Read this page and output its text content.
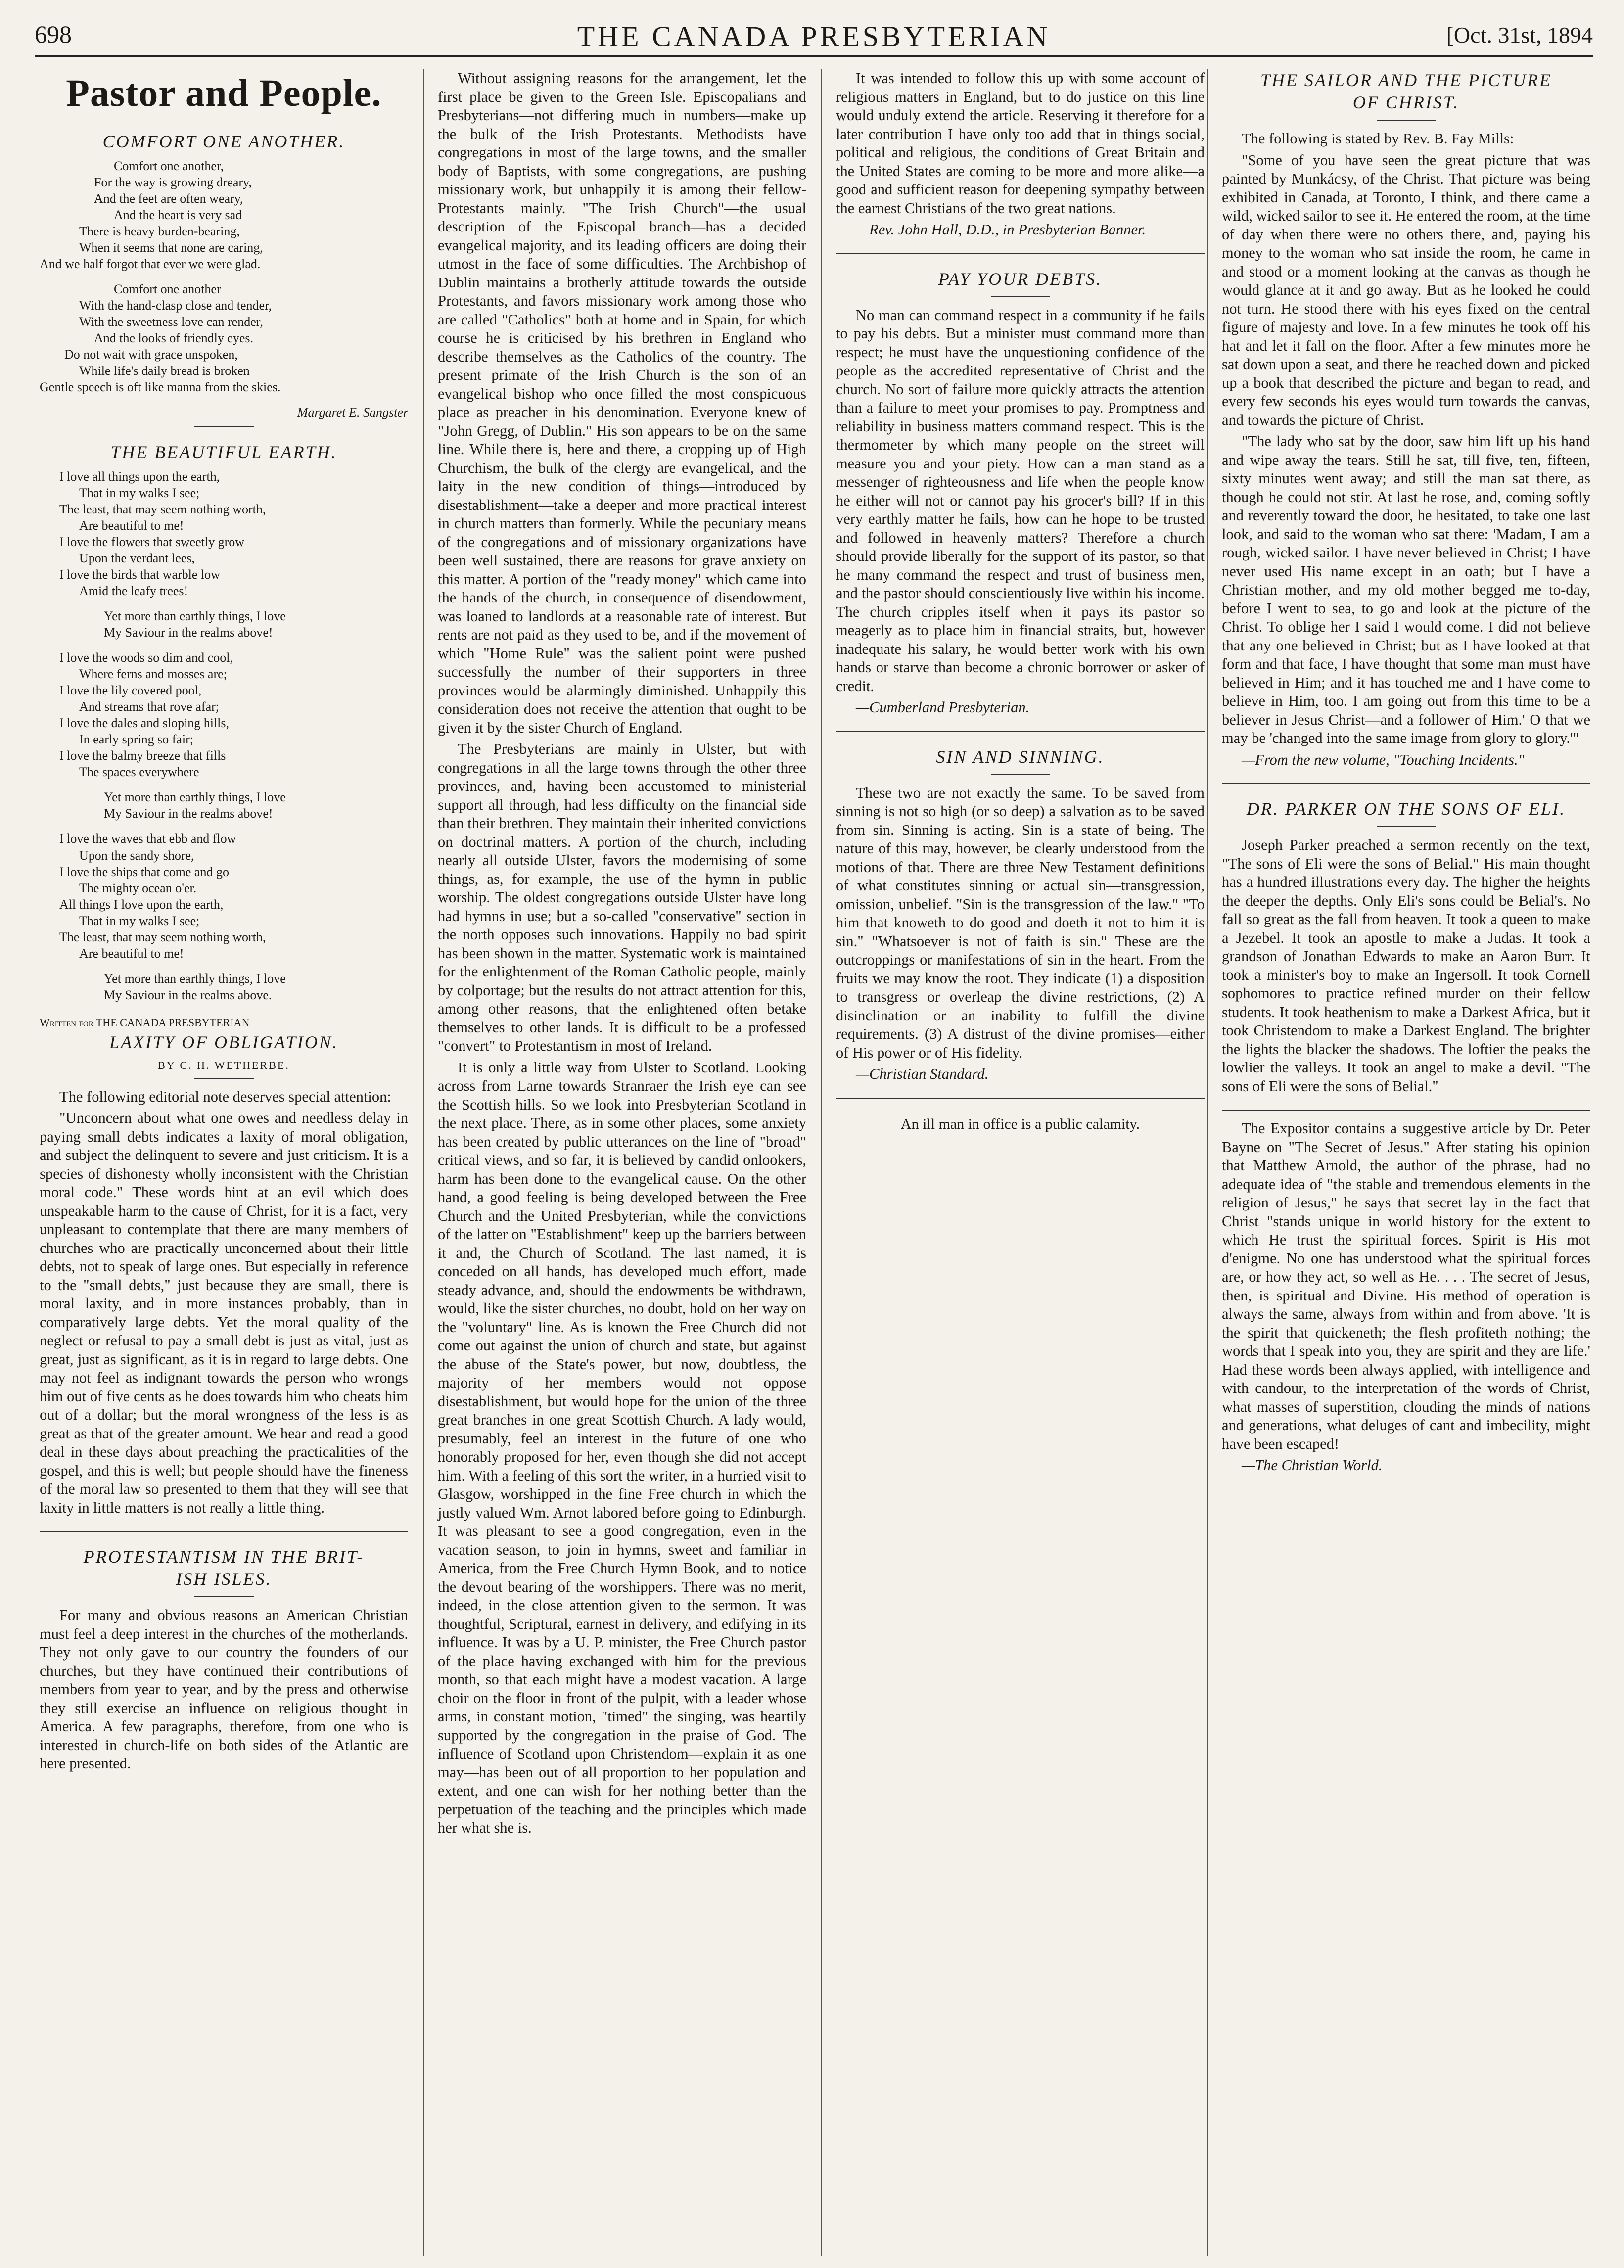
698	THE CANADA PRESBYTERIAN	[Oct. 31st, 1894
Pastor and People.
COMFORT ONE ANOTHER.
Comfort one another,
For the way is growing dreary,
And the feet are often weary,
And the heart is very sad
There is heavy burden-bearing,
When it seems that none are caring,
And we half forgot that ever we were glad.
Comfort one another
With the hand-clasp close and tender,
With the sweetness love can render,
And the looks of friendly eyes.
Do not wait with grace unspoken,
While life's daily bread is broken
Gentle speech is oft like manna from the skies.
Margaret E. Sangster
THE BEAUTIFUL EARTH.
I love all things upon the earth,
That in my walks I see;
The least, that may seem nothing worth,
Are beautiful to me!
I love the flowers that sweetly grow
Upon the verdant lees,
I love the birds that warble low
Amid the leafy trees!
Yet more than earthly things, I love
My Saviour in the realms above!
I love the woods so dim and cool,
Where ferns and mosses are;
I love the lily covered pool,
And streams that rove afar;
I love the dales and sloping hills,
In early spring so fair;
I love the balmy breeze that fills
The spaces everywhere
Yet more than earthly things, I love
My Saviour in the realms above!
I love the waves that ebb and flow
Upon the sandy shore,
I love the ships that come and go
The mighty ocean o'er.
All things I love upon the earth,
That in my walks I see;
The least, that may seem nothing worth,
Are beautiful to me!
Yet more than earthly things, I love
My Saviour in the realms above.
Written for THE CANADA PRESBYTERIAN
LAXITY OF OBLIGATION.
BY C. H. WETHERBE.

The following editorial note deserves special attention:

"Unconcern about what one owes and needless delay in paying small debts indicates a laxity of moral obligation, and subject the delinquent to severe and just criticism. It is a species of dishonesty wholly inconsistent with the Christian moral code." These words hint at an evil which does unspeakable harm to the cause of Christ, for it is a fact, very unpleasant to contemplate that there are many members of churches who are practically unconcerned about their little debts, not to speak of large ones. But especially in reference to the "small debts," just because they are small, there is moral laxity, and in more instances probably, than in comparatively large debts. Yet the moral quality of the neglect or refusal to pay a small debt is just as vital, just as great, just as significant, as it is in regard to large debts. One may not feel as indignant towards the person who wrongs him out of five cents as he does towards him who cheats him out of a dollar; but the moral wrongness of the less is as great as that of the greater amount. We hear and read a good deal in these days about preaching the practicalities of the gospel, and this is well; but people should have the fineness of the moral law so presented to them that they will see that laxity in little matters is not really a little thing.

PROTESTANTISM IN THE BRIT-
ISH ISLES.

For many and obvious reasons an American Christian must feel a deep interest in the churches of the motherlands. They not only gave to our country the founders of our churches, but they have continued their contributions of members from year to year, and by the press and otherwise they still exercise an influence on religious thought in America. A few paragraphs, therefore, from one who is interested in church-life on both sides of the Atlantic are here presented.

Without assigning reasons for the arrangement, let the first place be given to the Green Isle. Episcopalians and Presbyterians—not differing much in numbers—make up the bulk of the Irish Protestants. Methodists have congregations in most of the large towns, and the smaller body of Baptists, with some congregations, are pushing missionary work, but unhappily it is among their fellow-Protestants mainly. "The Irish Church"—the usual description of the Episcopal branch—has a decided evangelical majority, and its leading officers are doing their utmost in the face of some difficulties. The Archbishop of Dublin maintains a brotherly attitude towards the outside Protestants, and favors missionary work among those who are called "Catholics" both at home and in Spain, for which course he is criticised by his brethren in England who describe themselves as the Catholics of the country. The present primate of the Irish Church is the son of an evangelical bishop who once filled the most conspicuous place as preacher in his denomination. Everyone knew of "John Gregg, of Dublin." His son appears to be on the same line. While there is, here and there, a cropping up of High Churchism, the bulk of the clergy are evangelical, and the laity in the new condition of things—introduced by disestablishment—take a deeper and more practical interest in church matters than formerly. While the pecuniary means of the congregations and of missionary organizations have been well sustained, there are reasons for grave anxiety on this matter. A portion of the "ready money" which came into the hands of the church, in consequence of disendowment, was loaned to landlords at a reasonable rate of interest. But rents are not paid as they used to be, and if the movement of which "Home Rule" was the salient point were pushed successfully the number of their supporters in three provinces would be alarmingly diminished. Unhappily this consideration does not receive the attention that ought to be given it by the sister Church of England.

The Presbyterians are mainly in Ulster, but with congregations in all the large towns through the other three provinces, and, having been accustomed to ministerial support all through, had less difficulty on the financial side than their brethren. They maintain their inherited convictions on doctrinal matters. A portion of the church, including nearly all outside Ulster, favors the modernising of some things, as, for example, the use of the hymn in public worship. The oldest congregations outside Ulster have long had hymns in use; but a so-called "conservative" section in the north opposes such innovations. Happily no bad spirit has been shown in the matter. Systematic work is maintained for the enlightenment of the Roman Catholic people, mainly by colportage; but the results do not attract attention for this, among other reasons, that the enlightened often betake themselves to other lands. It is difficult to be a professed "convert" to Protestantism in most of Ireland.

It is only a little way from Ulster to Scotland. Looking across from Larne towards Stranraer the Irish eye can see the Scottish hills. So we look into Presbyterian Scotland in the next place. There, as in some other places, some anxiety has been created by public utterances on the line of "broad" critical views, and so far, it is believed by candid onlookers, harm has been done to the evangelical cause. On the other hand, a good feeling is being developed between the Free Church and the United Presbyterian, while the convictions of the latter on "Establishment" keep up the barriers between it and, the Church of Scotland. The last named, it is conceded on all hands, has developed much effort, made steady advance, and, should the endowments be withdrawn, would, like the sister churches, no doubt, hold on her way on the "voluntary" line. As is known the Free Church did not come out against the union of church and state, but against the abuse of the State's power, but now, doubtless, the majority of her members would not oppose disestablishment, but would hope for the union of the three great branches in one great Scottish Church. A lady would, presumably, feel an interest in the future of one who honorably proposed for her, even though she did not accept him. With a feeling of this sort the writer, in a hurried visit to Glasgow, worshipped in the fine Free church in which the justly valued Wm. Arnot labored before going to Edinburgh. It was pleasant to see a good congregation, even in the vacation season, to join in hymns, sweet and familiar in America, from the Free Church Hymn Book, and to notice the devout bearing of the worshippers. There was no merit, indeed, in the close attention given to the sermon. It was thoughtful, Scriptural, earnest in delivery, and edifying in its influence. It was by a U. P. minister, the Free Church pastor of the place having exchanged with him for the previous month, so that each might have a modest vacation. A large choir on the floor in front of the pulpit, with a leader whose arms, in constant motion, "timed" the singing, was heartily supported by the congregation in the praise of God. The influence of Scotland upon Christendom—explain it as one may—has been out of all proportion to her population and extent, and one can wish for her nothing better than the perpetuation of the teaching and the principles which made her what she is.

It was intended to follow this up with some account of religious matters in England, but to do justice on this line would unduly extend the article. Reserving it therefore for a later contribution I have only too add that in things social, political and religious, the conditions of Great Britain and the United States are coming to be more and more alike—a good and sufficient reason for deepening sympathy between the earnest Christians of the two great nations.

—Rev. John Hall, D.D., in Presbyterian Banner.

PAY YOUR DEBTS.

No man can command respect in a community if he fails to pay his debts. But a minister must command more than respect; he must have the unquestioning confidence of the people as the accredited representative of Christ and the church. No sort of failure more quickly attracts the attention than a failure to meet your promises to pay. Promptness and reliability in business matters command respect. This is the thermometer by which many people on the street will measure you and your piety. How can a man stand as a messenger of righteousness and life when the people know he either will not or cannot pay his grocer's bill? If in this very earthly matter he fails, how can he hope to be trusted and followed in heavenly matters? Therefore a church should provide liberally for the support of its pastor, so that he many command the respect and trust of business men, and the pastor should conscientiously live within his income. The church cripples itself when it pays its pastor so meagerly as to place him in financial straits, but, however inadequate his salary, he would better work with his own hands or starve than become a chronic borrower or asker of credit.

—Cumberland Presbyterian.

SIN AND SINNING.

These two are not exactly the same. To be saved from sinning is not so high (or so deep) a salvation as to be saved from sin. Sinning is acting. Sin is a state of being. The nature of this may, however, be clearly understood from the motions of that. There are three New Testament definitions of what constitutes sinning or actual sin—transgression, omission, unbelief. "Sin is the transgression of the law." "To him that knoweth to do good and doeth it not to him it is sin." "Whatsoever is not of faith is sin." These are the outcroppings or manifestations of sin in the heart. From the fruits we may know the root. They indicate (1) a disposition to transgress or overleap the divine restrictions, (2) A disinclination or an inability to fulfill the divine requirements. (3) A distrust of the divine promises—either of His power or of His fidelity.

—Christian Standard.

An ill man in office is a public calamity.
THE SAILOR AND THE PICTURE
OF CHRIST.

The following is stated by Rev. B. Fay Mills:

"Some of you have seen the great picture that was painted by Munkácsy, of the Christ. That picture was being exhibited in Canada, at Toronto, I think, and there came a wild, wicked sailor to see it. He entered the room, at the time of day when there were no others there, and, paying his money to the woman who sat inside the room, he came in and stood or a moment looking at the canvas as though he would glance at it and go away. But as he looked he could not turn. He stood there with his eyes fixed on the central figure of majesty and love. In a few minutes he took off his hat and let it fall on the floor. After a few minutes more he sat down upon a seat, and there he reached down and picked up a book that described the picture and began to read, and every few seconds his eyes would turn towards the canvas, and towards the picture of Christ.

"The lady who sat by the door, saw him lift up his hand and wipe away the tears. Still he sat, till five, ten, fifteen, sixty minutes went away; and still the man sat there, as though he could not stir. At last he rose, and, coming softly and reverently toward the door, he hesitated, to take one last look, and said to the woman who sat there: 'Madam, I am a rough, wicked sailor. I have never believed in Christ; I have never used His name except in an oath; but I have a Christian mother, and my old mother begged me to-day, before I went to sea, to go and look at the picture of the Christ. To oblige her I said I would come. I did not believe that any one believed in Christ; but as I have looked at that form and that face, I have thought that some man must have believed in Him; and it has touched me and I have come to believe in Him, too. I am going out from this time to be a believer in Jesus Christ—and a follower of Him.' O that we may be 'changed into the same image from glory to glory.'"

—From the new volume, "Touching Incidents."

DR. PARKER ON THE SONS OF ELI.

Joseph Parker preached a sermon recently on the text, "The sons of Eli were the sons of Belial." His main thought has a hundred illustrations every day. The higher the heights the deeper the depths. Only Eli's sons could be Belial's. No fall so great as the fall from heaven. It took a queen to make a Jezebel. It took an apostle to make a Judas. It took a grandson of Jonathan Edwards to make an Aaron Burr. It took a minister's boy to make an Ingersoll. It took Cornell sophomores to practice refined murder on their fellow students. It took heathenism to make a Darkest Africa, but it took Christendom to make a Darkest England. The brighter the lights the blacker the shadows. The loftier the peaks the lowlier the valleys. It took an angel to make a devil. "The sons of Eli were the sons of Belial."

The Expositor contains a suggestive article by Dr. Peter Bayne on "The Secret of Jesus." After stating his opinion that Matthew Arnold, the author of the phrase, had no adequate idea of "the stable and tremendous elements in the religion of Jesus," he says that secret lay in the fact that Christ "stands unique in world history for the extent to which He trust the spiritual forces. Spirit is His mot d'enigme. No one has understood what the spiritual forces are, or how they act, so well as He. . . . The secret of Jesus, then, is spiritual and Divine. His method of operation is always the same, always from within and from above. 'It is the spirit that quickeneth; the flesh profiteth nothing; the words that I speak into you, they are spirit and they are life.' Had these words been always applied, with intelligence and with candour, to the interpretation of the words of Christ, what masses of superstition, clouding the minds of nations and generations, what deluges of cant and imbecility, might have been escaped!

—The Christian World.
